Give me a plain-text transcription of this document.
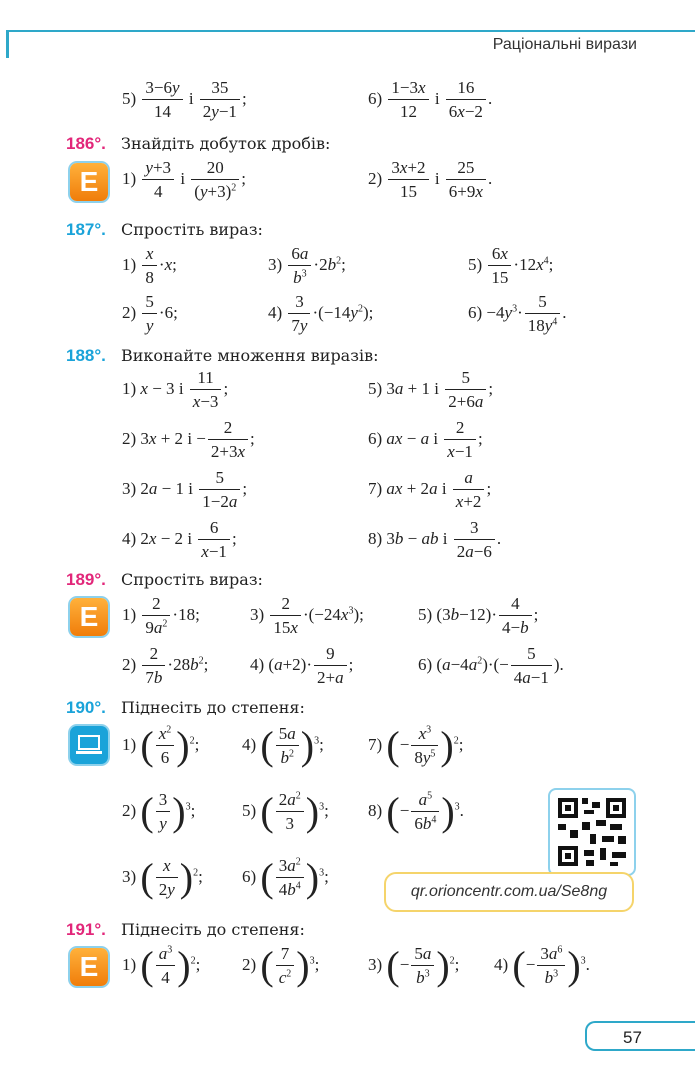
Раціональні вирази
$5) \frac{3-6y}{14}$ і $\frac{35}{2y-1}$ ;	$6) \frac{1-3x}{12}$ і $\frac{16}{6x-2}$ .
186°. Знайдіть добуток дробів:
E	$1) \frac{y+3}{4}$ і $\frac{20}{(y+3)^2}$ ;	$2) \frac{3x+2}{15}$ і $\frac{25}{6+9x}$ .
187°. Спростіть вираз:
$1) \frac{x}{8} \cdot x$;	$3) \frac{6a}{b^3} \cdot 2b^2$;	$5) \frac{6x}{15} \cdot 12x^4$;
$2) \frac{5}{y} \cdot 6$;	$4) \frac{3}{7y} \cdot(-14y^2)$;	$6) -4y^3\cdot \frac{5}{18y^4}$ .
188°. Виконайте множення виразів:
1) x − 3 і $\frac{11}{x-3}$ ;	5) 3a + 1 і $\frac{5}{2+6a}$ ;
2) 3x + 2 $і - \frac{2}{2+3x}$ ;	6) ax − a і $\frac{2}{x-1}$ ;
3) 2a − 1 і $\frac{5}{1-2a}$ ;	7) ax + 2a і $\frac{a}{x+2}$ ;
4) 2x − 2 і $\frac{6}{x-1}$ ;	8) 3b − ab і $\frac{3}{2a-6}$ .
189°. Спростіть вираз:
E	$1) \frac{2}{9a^2} \cdot 18$;	$3) \frac{2}{15x} \cdot(-24x^3)$;	5) $(3b-12)\cdot \frac{4}{4-b}$ ;
$2) \frac{2}{7b} \cdot 28b^2$; 4) $(a+2)\cdot \frac{9}{2+a}$ ;	6) $(a-4a^2)\cdot(- \frac{5}{4a-1}$ ).
190°. Піднесіть до степеня:
1) ( $\frac{x^2}{6} )^2$;	4) ( $\frac{5a}{b^2} )^3$;	7) (− $\frac{x^3}{8y^5} )^2$;
2) ( $\frac{3}{y} )^3$;	5) ( $\frac{2a^2}{3} )^3$; 8) (− $\frac{a^5}{6b^4} )^3$.
3) ( $\frac{x}{2y} )^2$; 6) ( $\frac{3a^2}{4b^4} )^3$;
qr.orioncentr.com.ua/Se8ng
191°. Піднесіть до степеня:
E	1) ( $\frac{a^3}{4} )^2$; 2) ( $\frac{7}{c^2} )^3$;	3) (− $\frac{5a}{b^3} )^2$; 4) (− $\frac{3a^6}{b^3} )^3$.
57
